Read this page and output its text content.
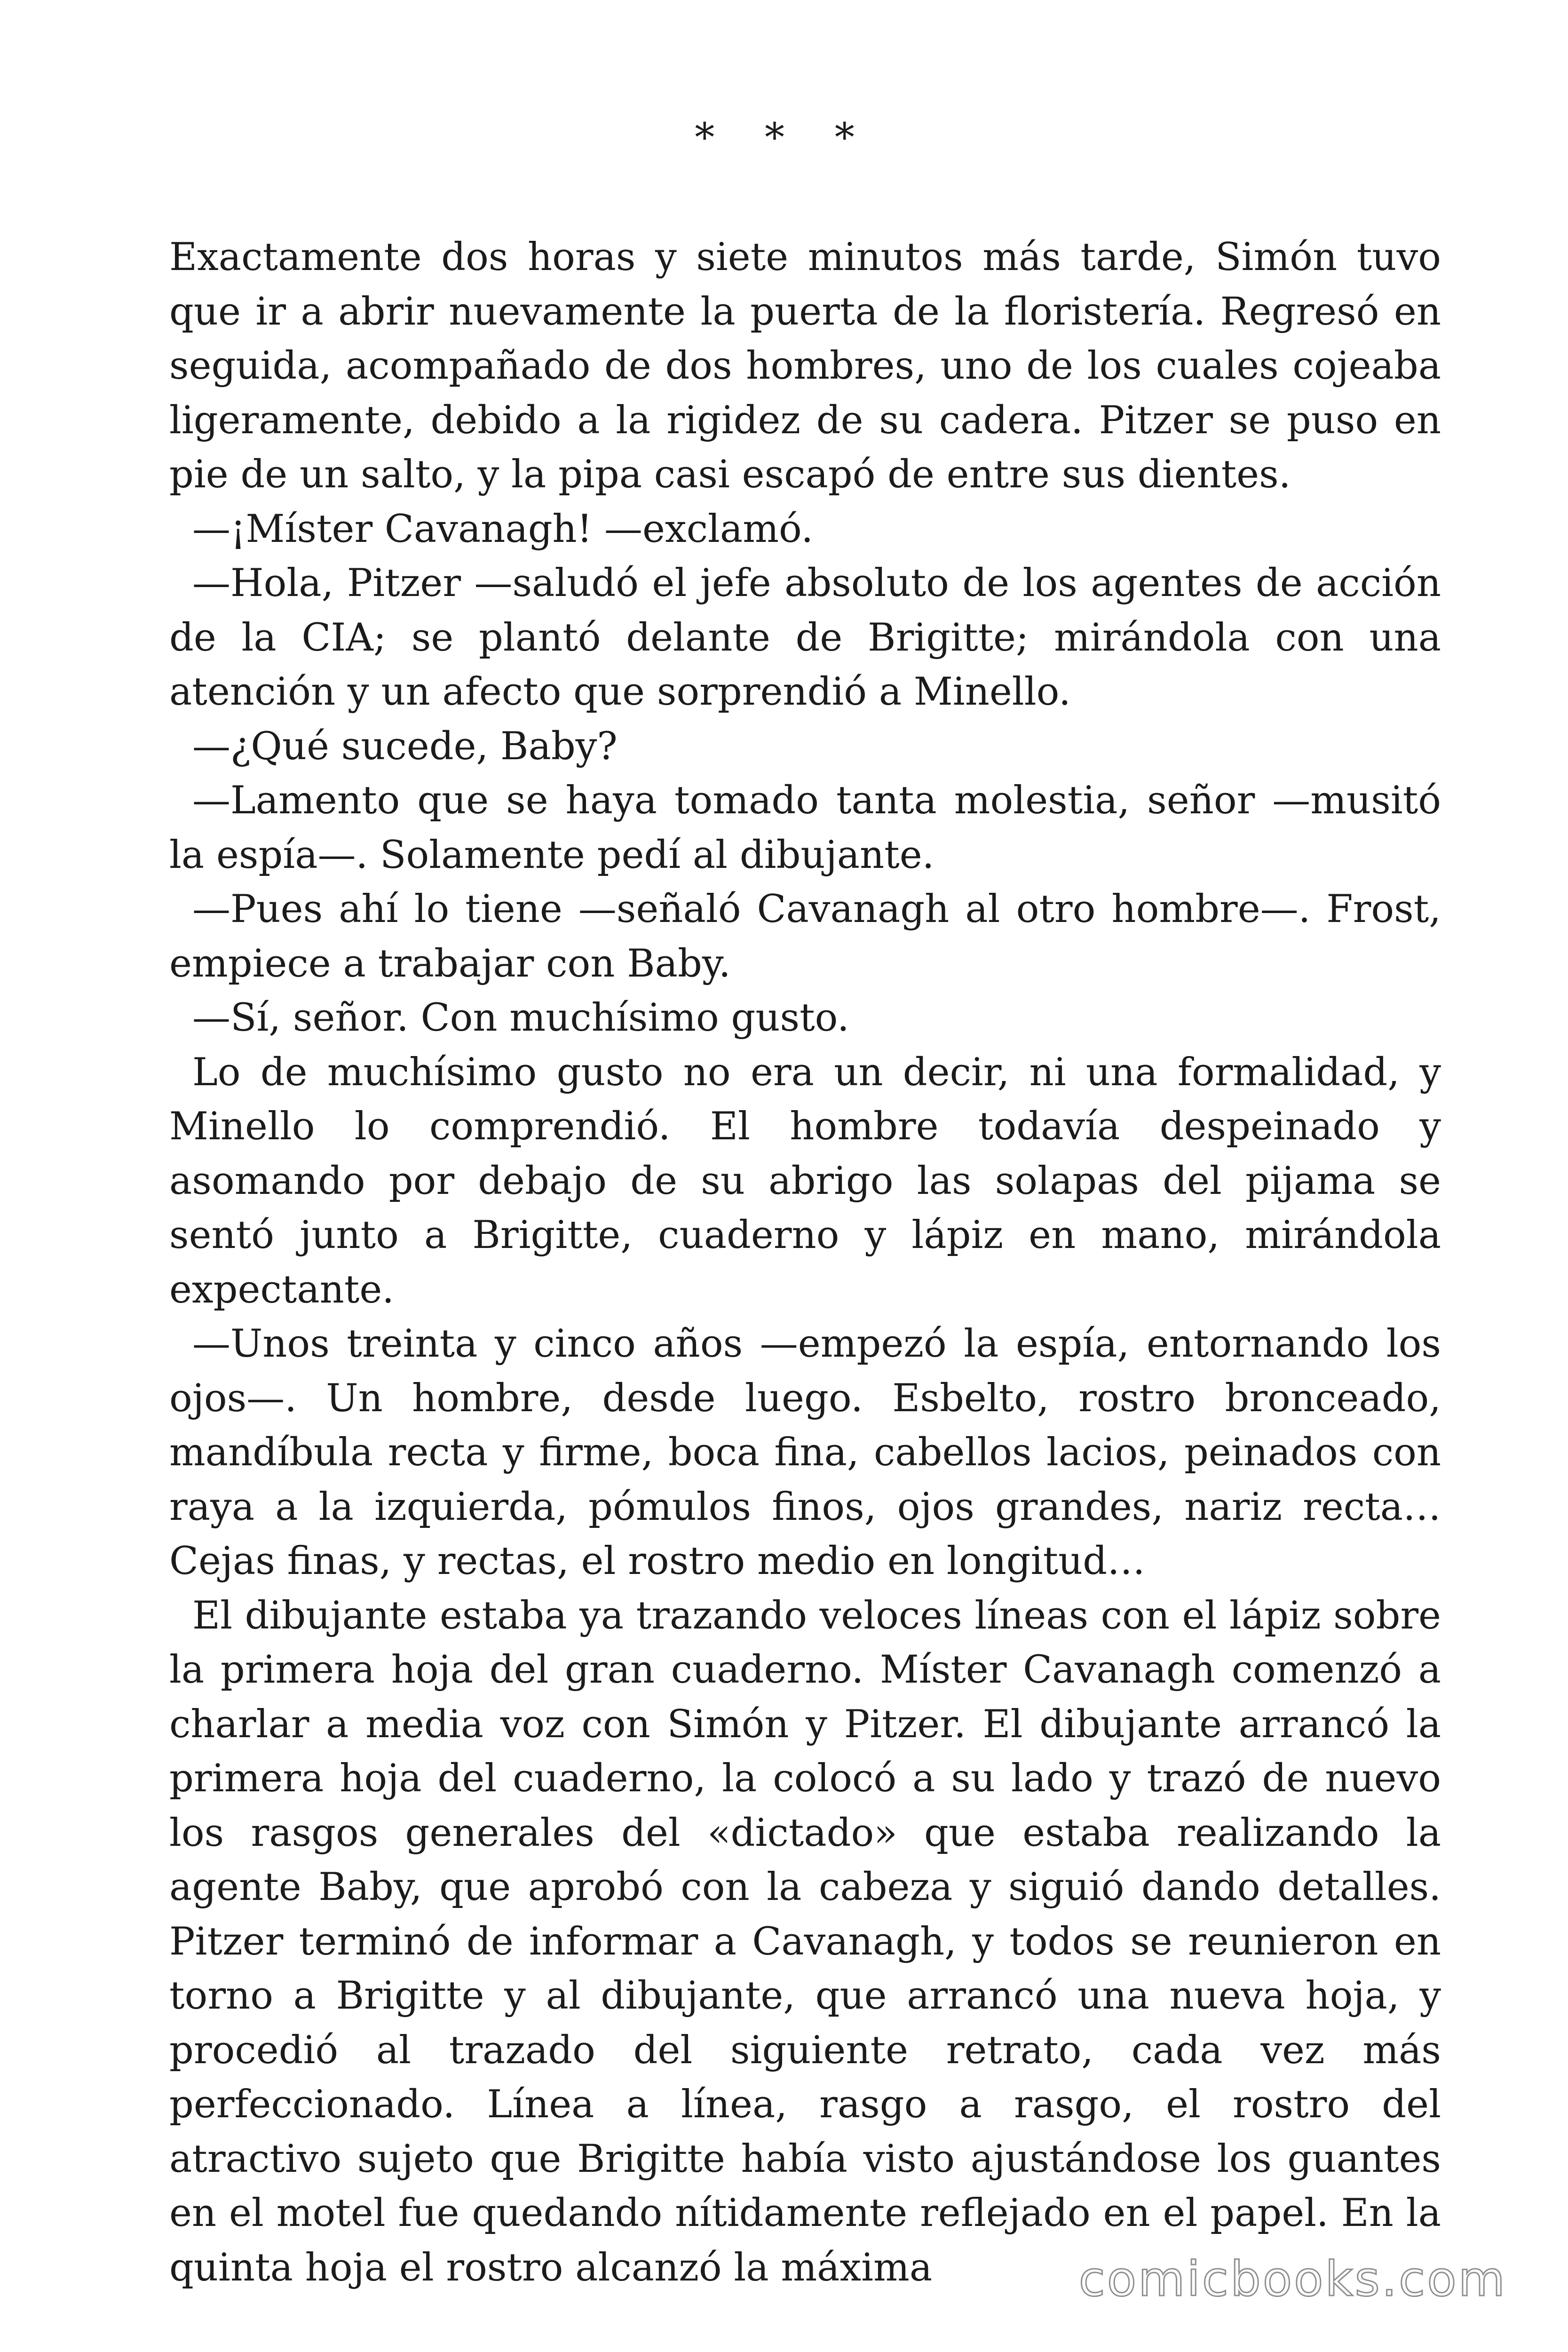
* * *

Exactamente dos horas y siete minutos más tarde, Simón tuvo que ir a abrir nuevamente la puerta de la floristería. Regresó en seguida, acompañado de dos hombres, uno de los cuales cojeaba ligeramente, debido a la rigidez de su cadera. Pitzer se puso en pie de un salto, y la pipa casi escapó de entre sus dientes.

—¡Míster Cavanagh! —exclamó.

—Hola, Pitzer —saludó el jefe absoluto de los agentes de acción de la CIA; se plantó delante de Brigitte; mirándola con una atención y un afecto que sorprendió a Minello.

—¿Qué sucede, Baby?

—Lamento que se haya tomado tanta molestia, señor —musitó la espía—. Solamente pedí al dibujante.

—Pues ahí lo tiene —señaló Cavanagh al otro hombre—. Frost, empiece a trabajar con Baby.

—Sí, señor. Con muchísimo gusto.

Lo de muchísimo gusto no era un decir, ni una formalidad, y Minello lo comprendió. El hombre todavía despeinado y asomando por debajo de su abrigo las solapas del pijama se sentó junto a Brigitte, cuaderno y lápiz en mano, mirándola expectante.

—Unos treinta y cinco años —empezó la espía, entornando los ojos—. Un hombre, desde luego. Esbelto, rostro bronceado, mandíbula recta y firme, boca fina, cabellos lacios, peinados con raya a la izquierda, pómulos finos, ojos grandes, nariz recta… Cejas finas, y rectas, el rostro medio en longitud…

El dibujante estaba ya trazando veloces líneas con el lápiz sobre la primera hoja del gran cuaderno. Míster Cavanagh comenzó a charlar a media voz con Simón y Pitzer. El dibujante arrancó la primera hoja del cuaderno, la colocó a su lado y trazó de nuevo los rasgos generales del «dictado» que estaba realizando la agente Baby, que aprobó con la cabeza y siguió dando detalles. Pitzer terminó de informar a Cavanagh, y todos se reunieron en torno a Brigitte y al dibujante, que arrancó una nueva hoja, y procedió al trazado del siguiente retrato, cada vez más perfeccionado. Línea a línea, rasgo a rasgo, el rostro del atractivo sujeto que Brigitte había visto ajustándose los guantes en el motel fue quedando nítidamente reflejado en el papel. En la quinta hoja el rostro alcanzó la máxima	comicbooks.com
